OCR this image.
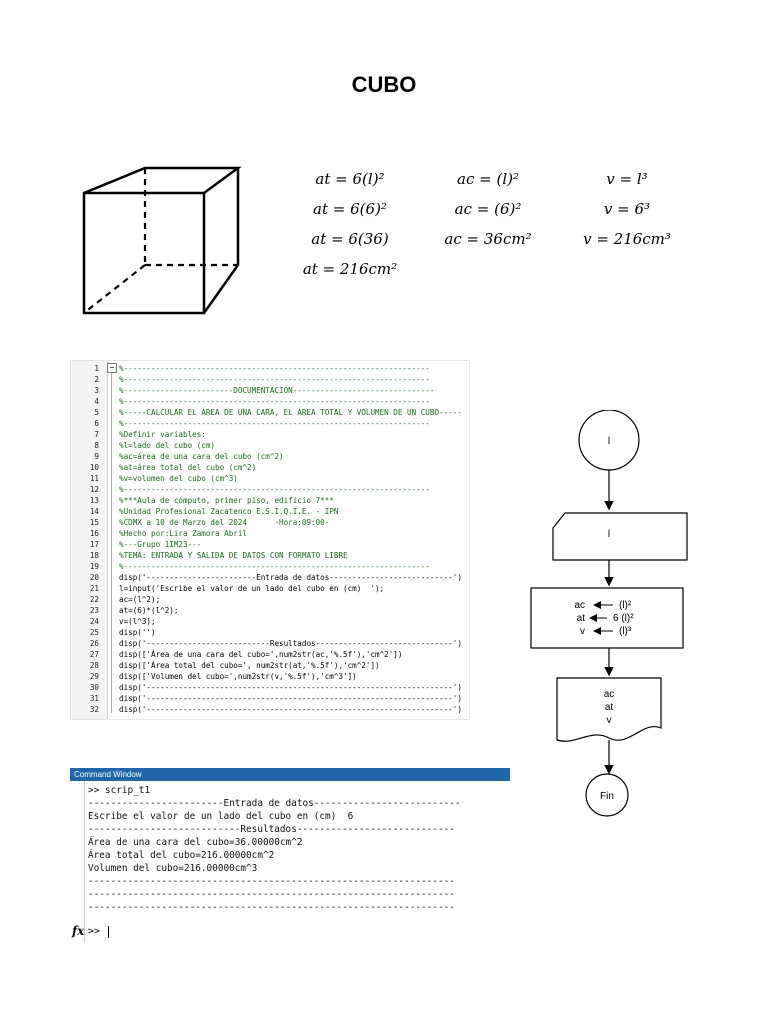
CUBO
at = 6(l)²	ac = (l)²	v = l³
at = 6(6)²	ac = (6)²	v = 6³
at = 6(36)	ac = 36cm²	v = 216cm³
at = 216cm²
−
1	%-------------------------------------------------------------------
2	%-------------------------------------------------------------------
3	%------------------------DOCUMENTACIÓN-------------------------------
4	%-------------------------------------------------------------------
5	%-----CALCULAR EL ÁREA DE UNA CARA, EL ÁREA TOTAL Y VOLUMEN DE UN CUBO-----
6	%-------------------------------------------------------------------
7	%Definir variables:
8	%l=lado del cubo (cm)
9	%ac=área de una cara del cubo (cm^2)
10	%at=área total del cubo (cm^2)
11	%v=volumen del cubo (cm^3)
12	%-------------------------------------------------------------------
13	%***Aula de cómputo, primer piso, edificio 7***
14	%Unidad Profesional Zacatenco E.S.I.Q.I.E. - IPN
15	%CDMX a 10 de Marzo del 2024      -Hora:09:00-
16	%Hecho por:Lira Zamora Abril
17	%---Grupo 1IM23---
18	%TEMA: ENTRADA Y SALIDA DE DATOS CON FORMATO LIBRE
19	%-------------------------------------------------------------------
20	disp('------------------------Entrada de datos---------------------------')
21	l=input('Escribe el valor de un lado del cubo en (cm)  ');
22	ac=(l^2);
23	at=(6)*(l^2);
24	v=(l^3);
25	disp('')
26	disp('---------------------------Resultados------------------------------')
27	disp(['Área de una cara del cubo=',num2str(ac,'%.5f'),'cm^2'])
28	disp(['Área total del cubo=', num2str(at,'%.5f'),'cm^2'])
29	disp(['Volumen del cubo=',num2str(v,'%.5f'),'cm^3'])
30	disp('-------------------------------------------------------------------')
31	disp('-------------------------------------------------------------------')
32	disp('-------------------------------------------------------------------')
Command Window
fx >>
>> scrip_t1
------------------------Entrada de datos--------------------------
Escribe el valor de un lado del cubo en (cm)  6
---------------------------Resultados----------------------------
Área de una cara del cubo=36.00000cm^2
Área total del cubo=216.00000cm^2
Volumen del cubo=216.00000cm^3
-----------------------------------------------------------------
-----------------------------------------------------------------
-----------------------------------------------------------------
l
l
ac	(l)²
at	6 (l)²
v	(l)³
ac
at
v
Fin
